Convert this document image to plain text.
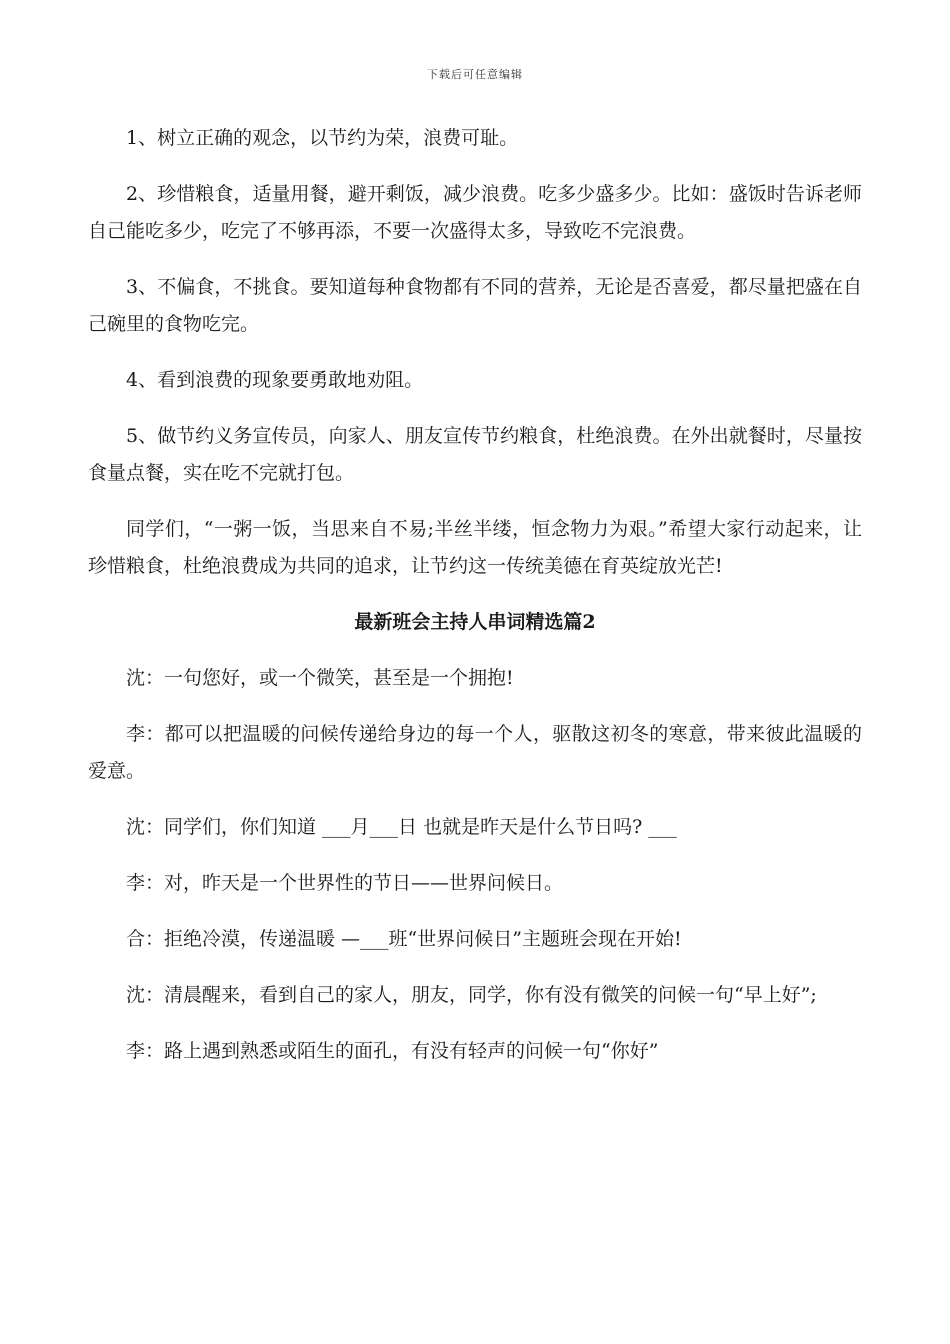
下载后可任意编辑

1、树立正确的观念，以节约为荣，浪费可耻。

2、珍惜粮食，适量用餐，避开剩饭，减少浪费。吃多少盛多少。比如：盛饭时告诉老师自己能吃多少，吃完了不够再添，不要一次盛得太多，导致吃不完浪费。

3、不偏食，不挑食。要知道每种食物都有不同的营养，无论是否喜爱，都尽量把盛在自己碗里的食物吃完。

4、看到浪费的现象要勇敢地劝阻。

5、做节约义务宣传员，向家人、朋友宣传节约粮食，杜绝浪费。在外出就餐时，尽量按食量点餐，实在吃不完就打包。

同学们，“一粥一饭，当思来自不易;半丝半缕，恒念物力为艰。”希望大家行动起来，让珍惜粮食，杜绝浪费成为共同的追求，让节约这一传统美德在育英绽放光芒!

最新班会主持人串词精选篇2

沈：一句您好，或一个微笑，甚至是一个拥抱!

李：都可以把温暖的问候传递给身边的每一个人，驱散这初冬的寒意，带来彼此温暖的爱意。

沈：同学们，你们知道 ___月___日 也就是昨天是什么节日吗? ___

李：对，昨天是一个世界性的节日——世界问候日。

合：拒绝冷漠，传递温暖 —___班“世界问候日”主题班会现在开始!

沈：清晨醒来，看到自己的家人，朋友，同学，你有没有微笑的问候一句“早上好”;

李：路上遇到熟悉或陌生的面孔，有没有轻声的问候一句“你好”
